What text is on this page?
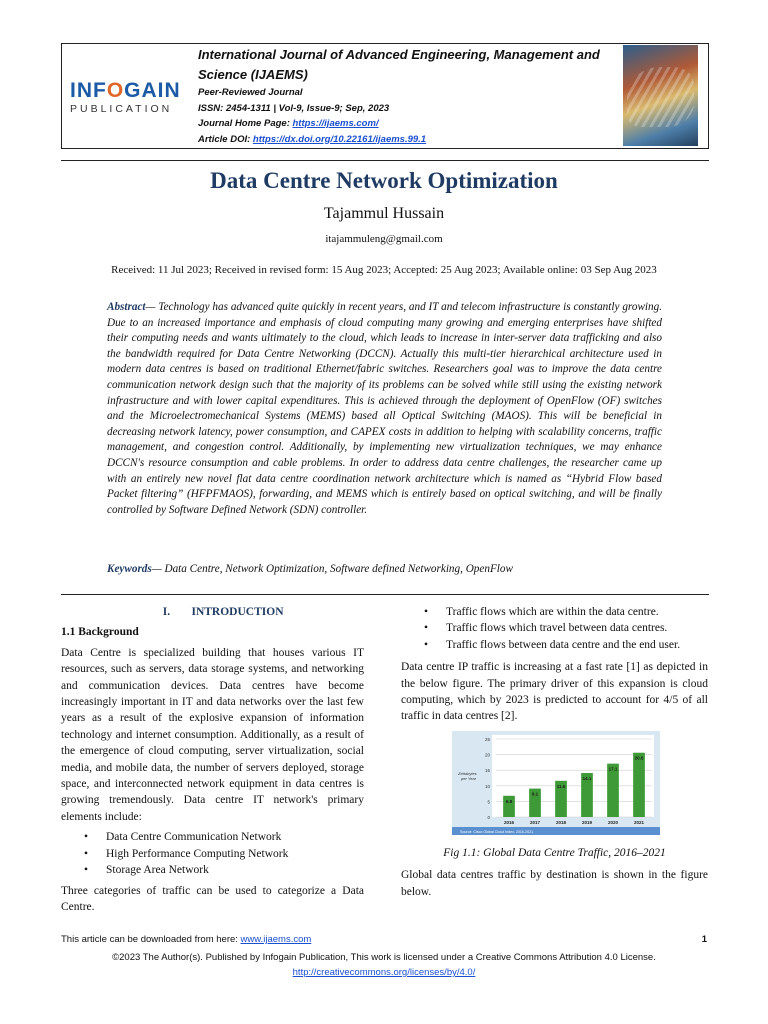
INFOGAIN
PUBLICATION
International Journal of Advanced Engineering, Management and Science (IJAEMS)
Peer-Reviewed Journal
ISSN: 2454-1311 | Vol-9, Issue-9; Sep, 2023
Journal Home Page: https://ijaems.com/
Article DOI: https://dx.doi.org/10.22161/ijaems.99.1
Data Centre Network Optimization
Tajammul Hussain
itajammuleng@gmail.com
Received: 11 Jul 2023; Received in revised form: 15 Aug 2023; Accepted: 25 Aug 2023; Available online: 03 Sep Aug 2023
Abstract— Technology has advanced quite quickly in recent years, and IT and telecom infrastructure is constantly growing. Due to an increased importance and emphasis of cloud computing many growing and emerging enterprises have shifted their computing needs and wants ultimately to the cloud, which leads to increase in inter-server data trafficking and also the bandwidth required for Data Centre Networking (DCCN). Actually this multi-tier hierarchical architecture used in modern data centres is based on traditional Ethernet/fabric switches. Researchers goal was to improve the data centre communication network design such that the majority of its problems can be solved while still using the existing network infrastructure and with lower capital expenditures. This is achieved through the deployment of OpenFlow (OF) switches and the Microelectromechanical Systems (MEMS) based all Optical Switching (MAOS). This will be beneficial in decreasing network latency, power consumption, and CAPEX costs in addition to helping with scalability concerns, traffic management, and congestion control. Additionally, by implementing new virtualization techniques, we may enhance DCCN's resource consumption and cable problems. In order to address data centre challenges, the researcher came up with an entirely new novel flat data centre coordination network architecture which is named as “Hybrid Flow based Packet filtering” (HFPFMAOS), forwarding, and MEMS which is entirely based on optical switching, and will be finally controlled by Software Defined Network (SDN) controller.
Keywords— Data Centre, Network Optimization, Software defined Networking, OpenFlow
I. INTRODUCTION
1.1 Background

Data Centre is specialized building that houses various IT resources, such as servers, data storage systems, and networking and communication devices. Data centres have become increasingly important in IT and data networks over the last few years as a result of the explosive expansion of information technology and internet consumption. Additionally, as a result of the emergence of cloud computing, server virtualization, social media, and mobile data, the number of servers deployed, storage space, and interconnected network equipment in data centres is growing tremendously. Data centre IT network's primary elements include:

• Data Centre Communication Network
• High Performance Computing Network
• Storage Area Network

Three categories of traffic can be used to categorize a Data Centre.

• Traffic flows which are within the data centre.
• Traffic flows which travel between data centres.
• Traffic flows between data centre and the end user.

Data centre IP traffic is increasing at a fast rate [1] as depicted in the below figure. The primary driver of this expansion is cloud computing, which by 2023 is predicted to account for 4/5 of all traffic in data centres [2].

0
5
10
15
20
25
Zettabytes
per Year
6.8
2016
9.1
2017
11.6
2018
14.1
2019
17.1
2020
20.6
2021
Source: Cisco Global Cloud Index, 2016-2021
Fig 1.1: Global Data Centre Traffic, 2016–2021

Global data centres traffic by destination is shown in the figure below.

This article can be downloaded from here: www.ijaems.com	1
©2023 The Author(s). Published by Infogain Publication, This work is licensed under a Creative Commons Attribution 4.0 License.
http://creativecommons.org/licenses/by/4.0/
